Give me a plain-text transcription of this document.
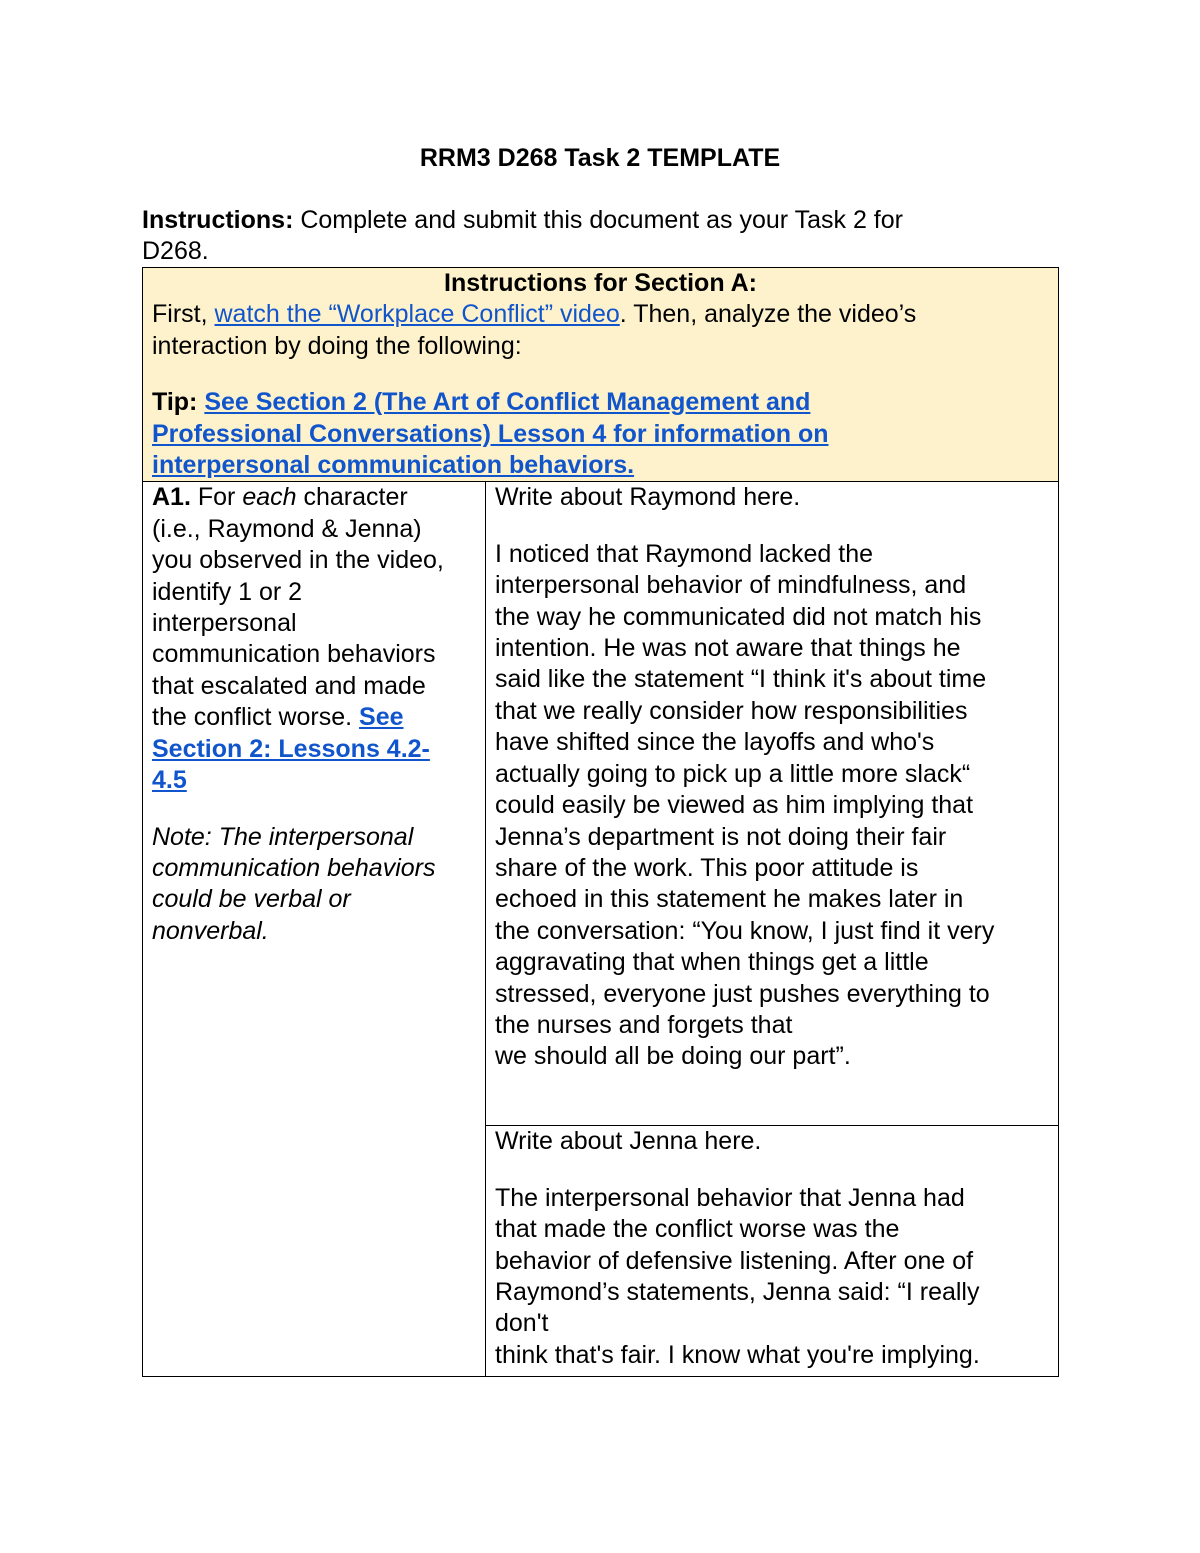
RRM3 D268 Task 2 TEMPLATE
Instructions: Complete and submit this document as your Task 2 for
D268.
Instructions for Section A:
First, watch the “Workplace Conflict” video. Then, analyze the video’s
interaction by doing the following:
Tip: See Section 2 (The Art of Conflict Management and
Professional Conversations) Lesson 4 for information on
interpersonal communication behaviors.

A1. For each character
(i.e., Raymond & Jenna)
you observed in the video,
identify 1 or 2
interpersonal
communication behaviors
that escalated and made
the conflict worse. See
Section 2: Lessons 4.2-
4.5
Note: The interpersonal
communication behaviors
could be verbal or
nonverbal.

Write about Raymond here.
I noticed that Raymond lacked the
interpersonal behavior of mindfulness, and
the way he communicated did not match his
intention. He was not aware that things he
said like the statement “I think it's about time
that we really consider how responsibilities
have shifted since the layoffs and who's
actually going to pick up a little more slack“
could easily be viewed as him implying that
Jenna’s department is not doing their fair
share of the work. This poor attitude is
echoed in this statement he makes later in
the conversation: “You know, I just find it very
aggravating that when things get a little
stressed, everyone just pushes everything to
the nurses and forgets that
we should all be doing our part”.

Write about Jenna here.
The interpersonal behavior that Jenna had
that made the conflict worse was the
behavior of defensive listening. After one of
Raymond’s statements, Jenna said: “I really
don't
think that's fair. I know what you're implying.
